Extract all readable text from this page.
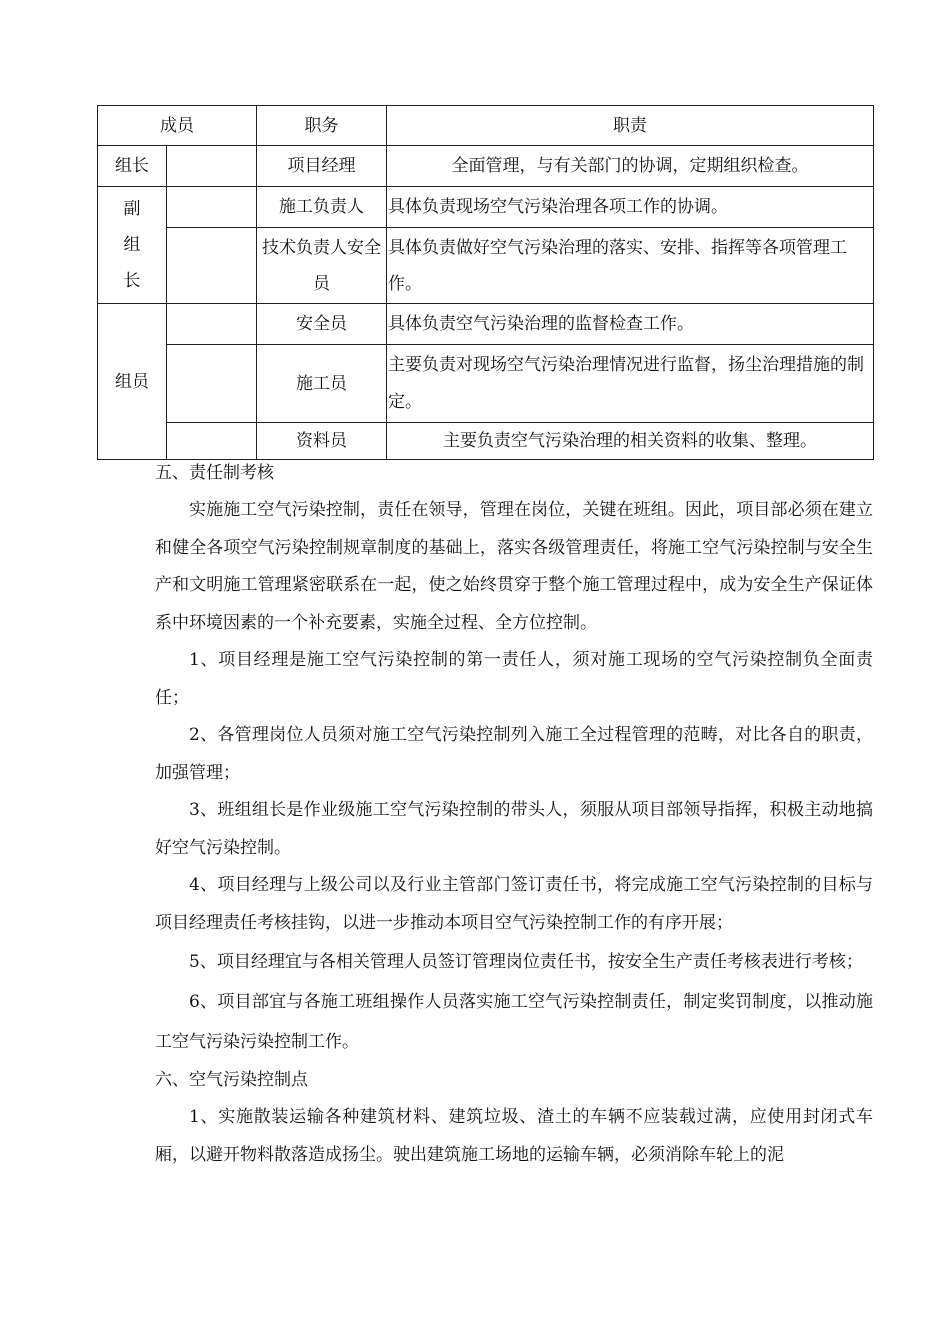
成员		职务	职责
组长		项目经理	全面管理，与有关部门的协调，定期组织检查。

副
组
长		施工负责人	具体负责现场空气污染治理各项工作的协调。
		技术负责人安全员	具体负责做好空气污染治理的落实、安排、指挥等各项管理工作。
组员		安全员	具体负责空气污染治理的监督检查工作。
		施工员	主要负责对现场空气污染治理情况进行监督，扬尘治理措施的制定。
		资料员	主要负责空气污染治理的相关资料的收集、整理。

五、责任制考核

实施施工空气污染控制，责任在领导，管理在岗位，关键在班组。因此，项目部必须在建立和健全各项空气污染控制规章制度的基础上，落实各级管理责任，将施工空气污染控制与安全生产和文明施工管理紧密联系在一起，使之始终贯穿于整个施工管理过程中，成为安全生产保证体系中环境因素的一个补充要素，实施全过程、全方位控制。

1、项目经理是施工空气污染控制的第一责任人，须对施工现场的空气污染控制负全面责任；

2、各管理岗位人员须对施工空气污染控制列入施工全过程管理的范畴，对比各自的职责，加强管理；

3、班组组长是作业级施工空气污染控制的带头人，须服从项目部领导指挥，积极主动地搞好空气污染控制。

4、项目经理与上级公司以及行业主管部门签订责任书，将完成施工空气污染控制的目标与项目经理责任考核挂钩，以进一步推动本项目空气污染控制工作的有序开展；

5、项目经理宜与各相关管理人员签订管理岗位责任书，按安全生产责任考核表进行考核；

6、项目部宜与各施工班组操作人员落实施工空气污染控制责任，制定奖罚制度，以推动施工空气污染污染控制工作。

六、空气污染控制点

1、实施散装运输各种建筑材料、建筑垃圾、渣土的车辆不应装载过满，应使用封闭式车厢，以避开物料散落造成扬尘。驶出建筑施工场地的运输车辆，必须消除车轮上的泥
